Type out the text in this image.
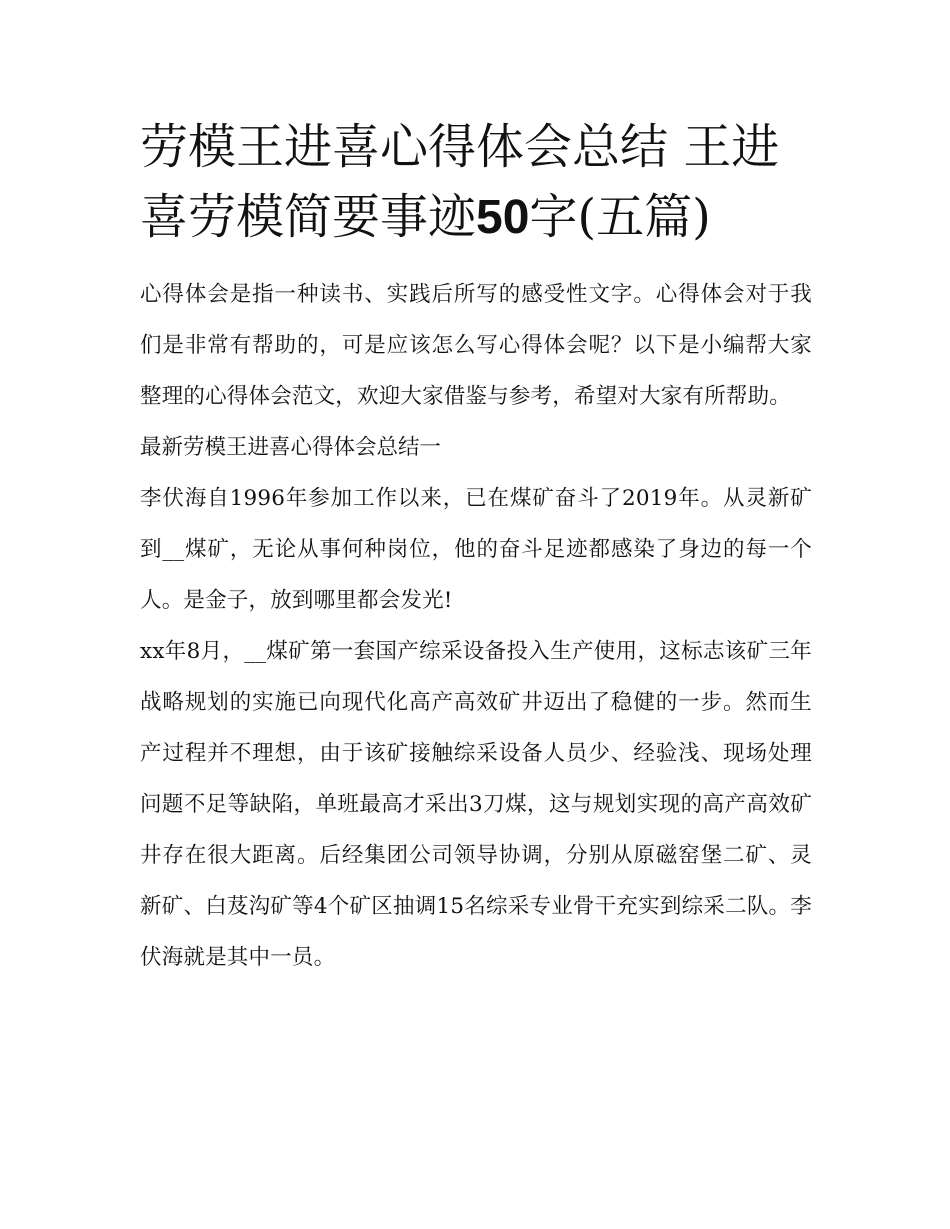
劳模王进喜心得体会总结 王进喜劳模简要事迹50字(五篇)

心得体会是指一种读书、实践后所写的感受性文字。心得体会对于我们是非常有帮助的，可是应该怎么写心得体会呢？以下是小编帮大家整理的心得体会范文，欢迎大家借鉴与参考，希望对大家有所帮助。

最新劳模王进喜心得体会总结一

李伏海自1996年参加工作以来，已在煤矿奋斗了2019年。从灵新矿到__煤矿，无论从事何种岗位，他的奋斗足迹都感染了身边的每一个人。是金子，放到哪里都会发光!

xx年8月，__煤矿第一套国产综采设备投入生产使用，这标志该矿三年战略规划的实施已向现代化高产高效矿井迈出了稳健的一步。然而生产过程并不理想，由于该矿接触综采设备人员少、经验浅、现场处理问题不足等缺陷，单班最高才采出3刀煤，这与规划实现的高产高效矿井存在很大距离。后经集团公司领导协调，分别从原磁窑堡二矿、灵新矿、白芨沟矿等4个矿区抽调15名综采专业骨干充实到综采二队。李伏海就是其中一员。
